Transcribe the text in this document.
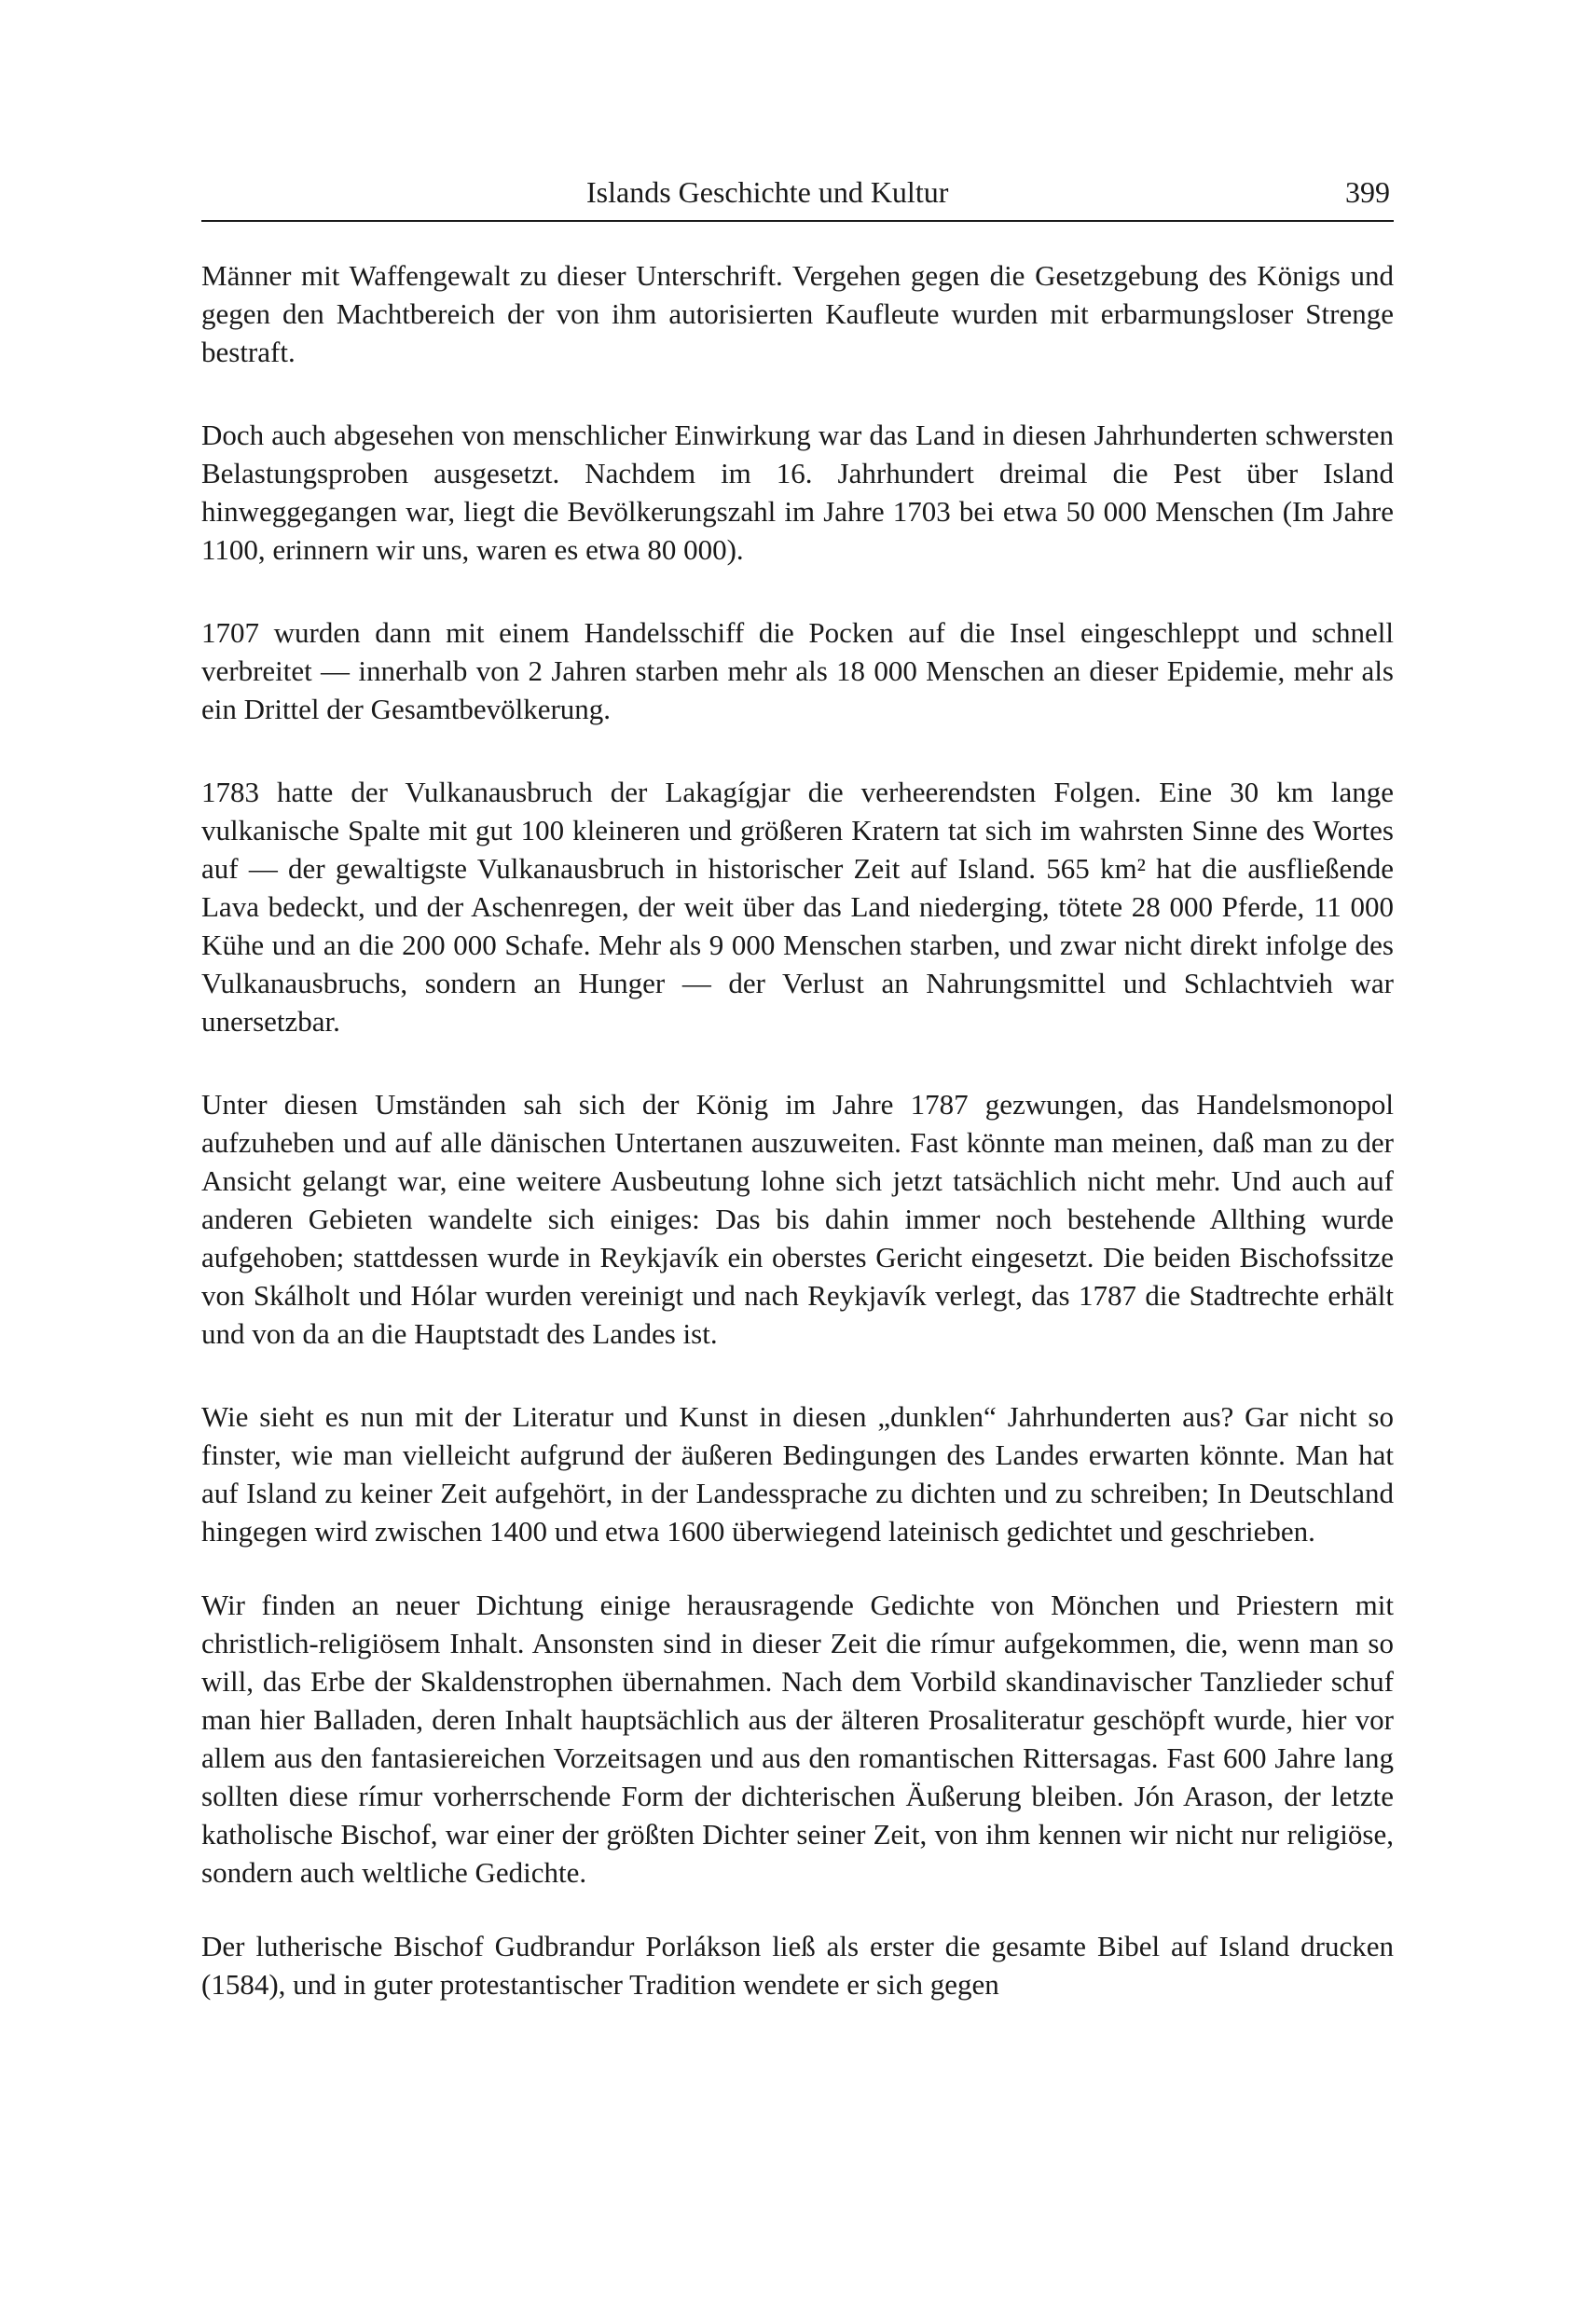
Islands Geschichte und Kultur	399

Männer mit Waffengewalt zu dieser Unterschrift. Vergehen gegen die Gesetzgebung des Königs und gegen den Machtbereich der von ihm autorisierten Kaufleute wurden mit erbarmungsloser Strenge bestraft.

Doch auch abgesehen von menschlicher Einwirkung war das Land in diesen Jahrhunderten schwersten Belastungsproben ausgesetzt. Nachdem im 16. Jahrhundert dreimal die Pest über Island hinweggegangen war, liegt die Bevölkerungszahl im Jahre 1703 bei etwa 50 000 Menschen (Im Jahre 1100, erinnern wir uns, waren es etwa 80 000).

1707 wurden dann mit einem Handelsschiff die Pocken auf die Insel eingeschleppt und schnell verbreitet — innerhalb von 2 Jahren starben mehr als 18 000 Menschen an dieser Epidemie, mehr als ein Drittel der Gesamtbevölkerung.

1783 hatte der Vulkanausbruch der Lakagígjar die verheerendsten Folgen. Eine 30 km lange vulkanische Spalte mit gut 100 kleineren und größeren Kratern tat sich im wahrsten Sinne des Wortes auf — der gewaltigste Vulkanausbruch in historischer Zeit auf Island. 565 km² hat die ausfließende Lava bedeckt, und der Aschenregen, der weit über das Land niederging, tötete 28 000 Pferde, 11 000 Kühe und an die 200 000 Schafe. Mehr als 9 000 Menschen starben, und zwar nicht direkt infolge des Vulkanausbruchs, sondern an Hunger — der Verlust an Nahrungsmittel und Schlachtvieh war unersetzbar.

Unter diesen Umständen sah sich der König im Jahre 1787 gezwungen, das Handelsmonopol aufzuheben und auf alle dänischen Untertanen auszuweiten. Fast könnte man meinen, daß man zu der Ansicht gelangt war, eine weitere Ausbeutung lohne sich jetzt tatsächlich nicht mehr. Und auch auf anderen Gebieten wandelte sich einiges: Das bis dahin immer noch bestehende Allthing wurde aufgehoben; stattdessen wurde in Reykjavík ein oberstes Gericht eingesetzt. Die beiden Bischofssitze von Skálholt und Hólar wurden vereinigt und nach Reykjavík verlegt, das 1787 die Stadtrechte erhält und von da an die Hauptstadt des Landes ist.

Wie sieht es nun mit der Literatur und Kunst in diesen „dunklen“ Jahrhunderten aus? Gar nicht so finster, wie man vielleicht aufgrund der äußeren Bedingungen des Landes erwarten könnte. Man hat auf Island zu keiner Zeit aufgehört, in der Landessprache zu dichten und zu schreiben; In Deutschland hingegen wird zwischen 1400 und etwa 1600 überwiegend lateinisch gedichtet und geschrieben.

Wir finden an neuer Dichtung einige herausragende Gedichte von Mönchen und Priestern mit christlich-religiösem Inhalt. Ansonsten sind in dieser Zeit die rímur aufgekommen, die, wenn man so will, das Erbe der Skaldenstrophen übernahmen. Nach dem Vorbild skandinavischer Tanzlieder schuf man hier Balladen, deren Inhalt hauptsächlich aus der älteren Prosaliteratur geschöpft wurde, hier vor allem aus den fantasiereichen Vorzeitsagen und aus den romantischen Rittersagas. Fast 600 Jahre lang sollten diese rímur vorherrschende Form der dichterischen Äußerung bleiben. Jón Arason, der letzte katholische Bischof, war einer der größten Dichter seiner Zeit, von ihm kennen wir nicht nur religiöse, sondern auch weltliche Gedichte.

Der lutherische Bischof Gudbrandur Porlákson ließ als erster die gesamte Bibel auf Island drucken (1584), und in guter protestantischer Tradition wendete er sich gegen
